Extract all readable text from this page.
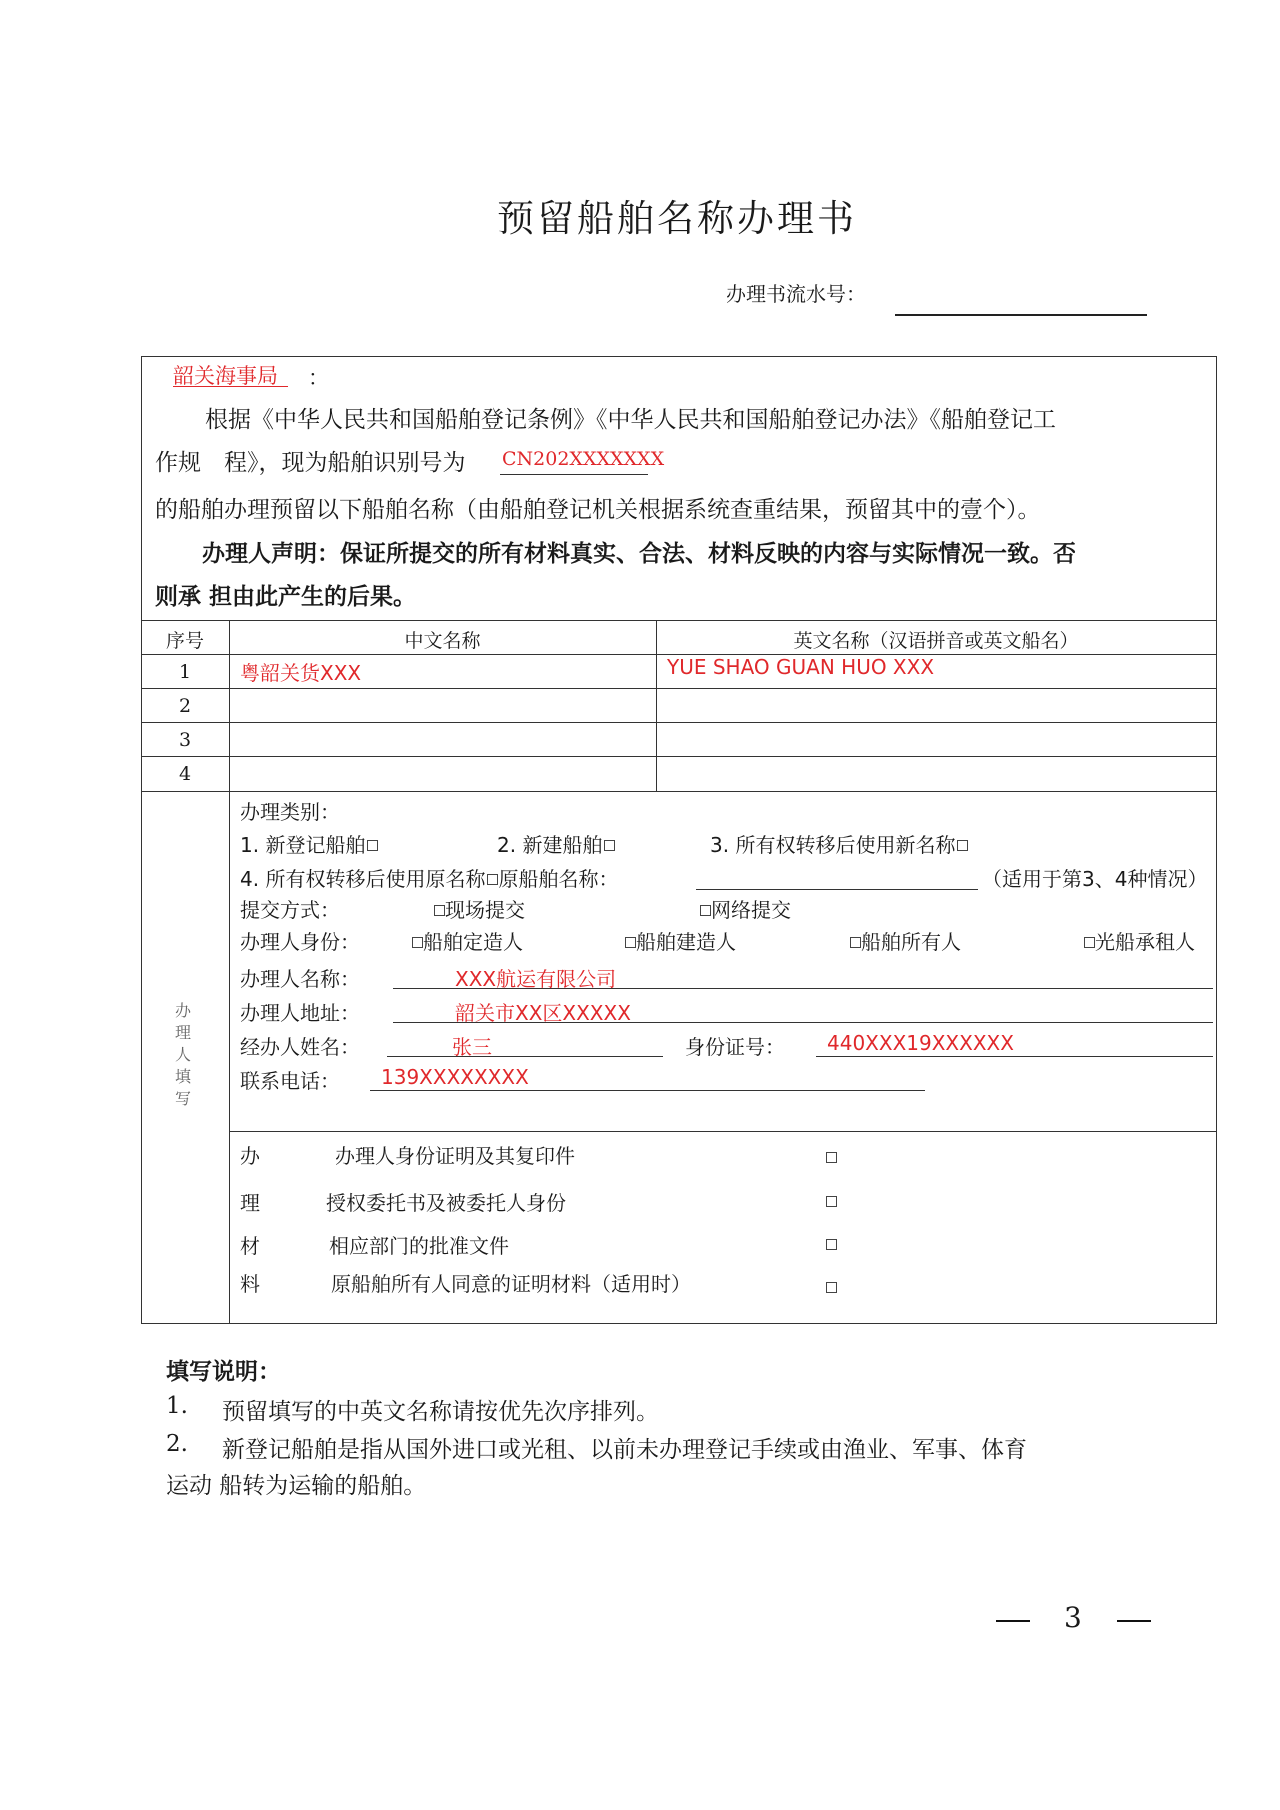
预留船舶名称办理书
办理书流水号：
韶关海事局 ：
根据《中华人民共和国船舶登记条例》《中华人民共和国船舶登记办法》《船舶登记工
作规　程》，现为船舶识别号为 CN202XXXXXXX
的船舶办理预留以下船舶名称（由船舶登记机关根据系统查重结果，预留其中的壹个）。
办理人声明：保证所提交的所有材料真实、合法、材料反映的内容与实际情况一致。否
则承 担由此产生的后果。
序号	中文名称	英文名称（汉语拼音或英文船名）
1	粤韶关货XXX	YUE SHAO GUAN HUO XXX
2
3
4
办理人填写
办理类别：
1. 新登记船舶	2. 新建船舶	3. 所有权转移后使用新名称
4. 所有权转移后使用原名称 原船舶名称：	（适用于第3、4种情况）
提交方式：	现场提交	网络提交
办理人身份：	船舶定造人	船舶建造人	船舶所有人	光船承租人
办理人名称：	XXX航运有限公司
办理人地址：	韶关市XX区XXXXX
经办人姓名：	张三	身份证号： 440XXX19XXXXXX
联系电话： 139XXXXXXXX
办
理
材
料
办理人身份证明及其复印件
授权委托书及被委托人身份
相应部门的批准文件
原船舶所有人同意的证明材料（适用时）
填写说明：
1. 预留填写的中英文名称请按优先次序排列。
2. 新登记船舶是指从国外进口或光租、以前未办理登记手续或由渔业、军事、体育
运动 船转为运输的船舶。
3
